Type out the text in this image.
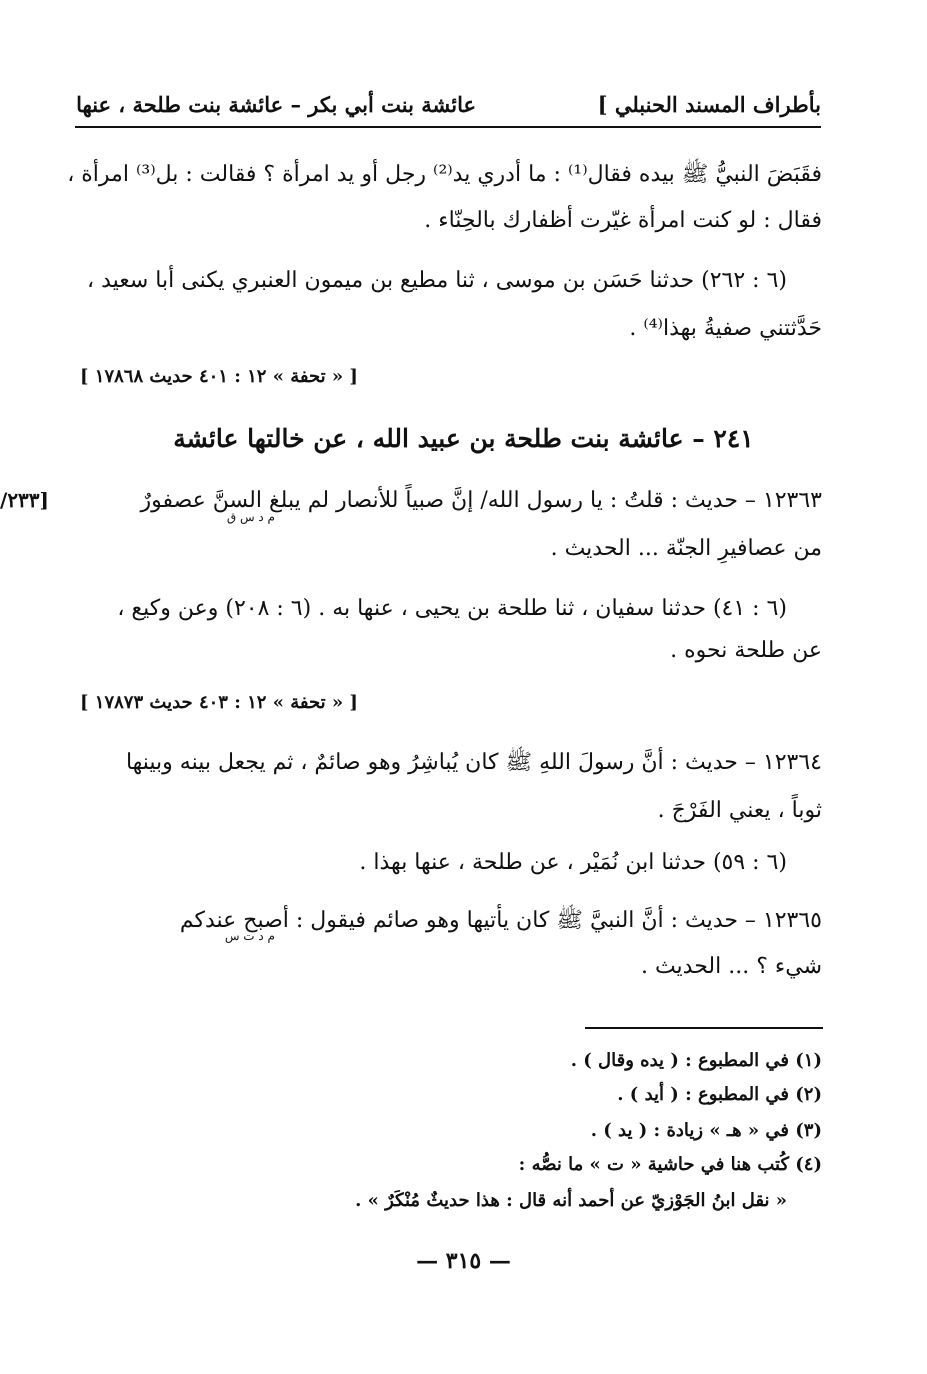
بأطراف المسند الحنبلي ]
عائشة بنت أبي بكر – عائشة بنت طلحة ، عنها
فقَبَضَ النبيُّ ﷺ بيده فقال⁽¹⁾ : ما أدري يد⁽²⁾ رجل أو يد امرأة ؟ فقالت : بل⁽³⁾ امرأة ،
فقال : لو كنت امرأة غيّرت أظفارك بالحِنّاء .
(٦ : ٢٦٢) حدثنا حَسَن بن موسى ، ثنا مطيع بن ميمون العنبري يكنى أبا سعيد ،
حَدَّثتني صفيةُ بهذا⁽⁴⁾ .
[ « تحفة » ١٢ : ٤٠١ حديث ١٧٨٦٨ ]
٢٤١ – عائشة بنت طلحة بن عبيد الله ، عن خالتها عائشة
[٢٣٣/	١٢٣٦٣ – حديث : قلتُ : يا رسول الله/ إنَّ صبياً للأنصار لم يبلغ السنَّ عصفورٌ
م د س ق
من عصافيرِ الجنّة ... الحديث .
(٦ : ٤١) حدثنا سفيان ، ثنا طلحة بن يحيى ، عنها به . (٦ : ٢٠٨) وعن وكيع ،
عن طلحة نحوه .
[ « تحفة » ١٢ : ٤٠٣ حديث ١٧٨٧٣ ]
١٢٣٦٤ – حديث : أنَّ رسولَ اللهِ ﷺ كان يُباشِرُ وهو صائمٌ ، ثم يجعل بينه وبينها
ثوباً ، يعني الفَرْجَ .
(٦ : ٥٩) حدثنا ابن نُمَيْر ، عن طلحة ، عنها بهذا .
١٢٣٦٥ – حديث : أنَّ النبيَّ ﷺ كان يأتيها وهو صائم فيقول : أصبح عندكم
م د ت س
شيء ؟ ... الحديث .
(١) في المطبوع : ( يده وقال ) .
(٢) في المطبوع : ( أيد ) .
(٣) في « هـ » زيادة : ( يد ) .
(٤) كُتب هنا في حاشية « ت » ما نصُّه :
« نقل ابنُ الجَوْزيّ عن أحمد أنه قال : هذا حديثٌ مُنْكَرٌ » .
— ٣١٥ —
